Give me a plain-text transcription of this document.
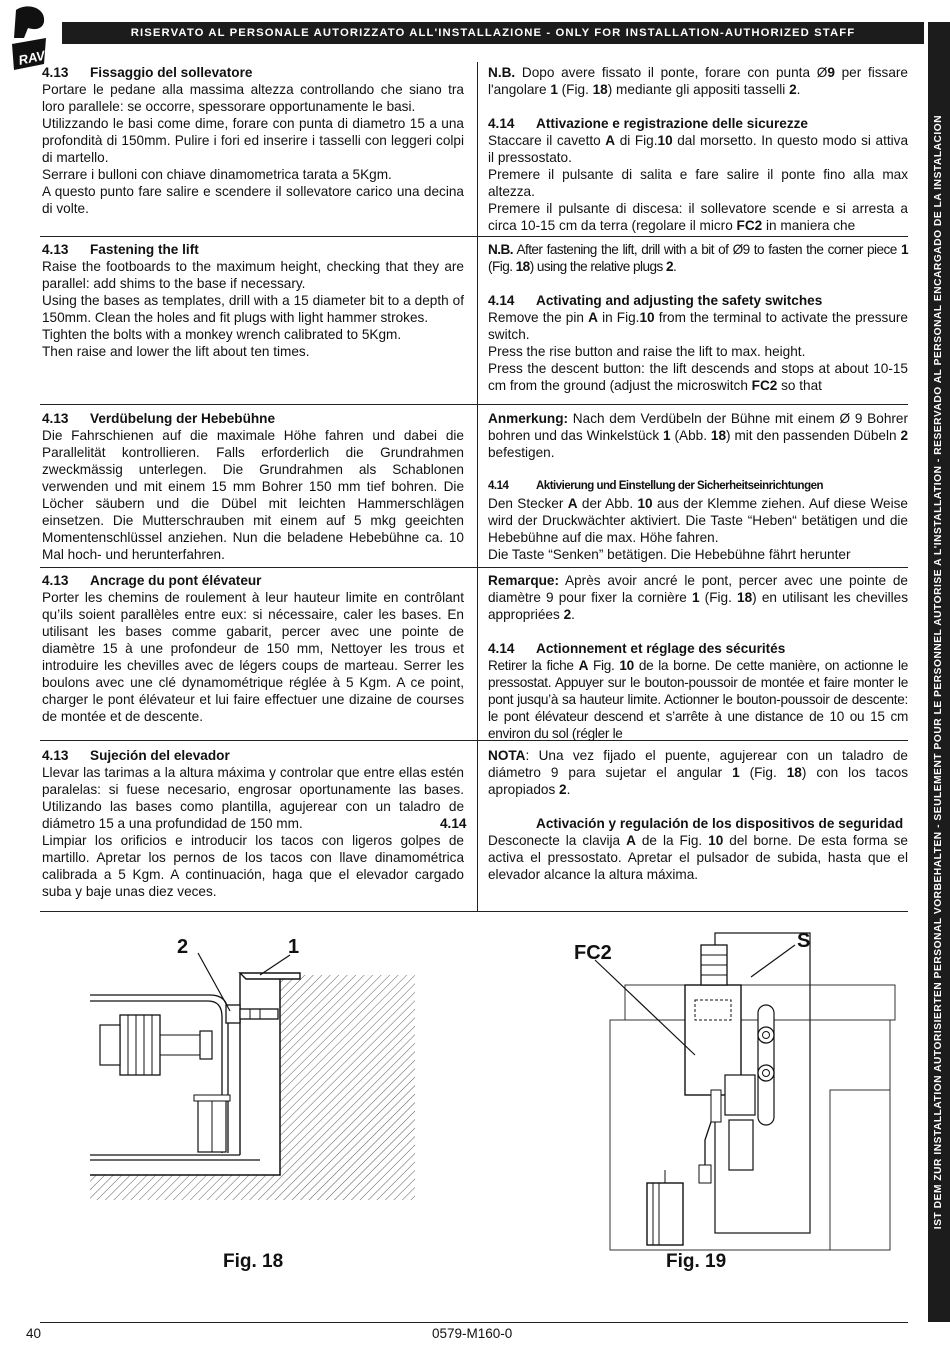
RAV
RISERVATO AL PERSONALE AUTORIZZATO ALL'INSTALLAZIONE - ONLY FOR INSTALLATION-AUTHORIZED STAFF
IST DEM ZUR INSTALLATION AUTORISIERTEN PERSONAL VORBEHALTEN - SEULEMENT POUR LE PERSONNEL AUTORISE A L'INSTALLATION - RESERVADO AL PERSONAL ENCARGADO DE LA INSTALACION

4.13 Fissaggio del sollevatore

Portare le pedane alla massima altezza controllando che siano tra loro parallele: se occorre, spessorare opportunamente le basi.

Utilizzando le basi come dime, forare con punta di diametro 15 a una profondità di 150mm. Pulire i fori ed inserire i tasselli con leggeri colpi di martello.

Serrare i bulloni con chiave dinamometrica tarata a 5Kgm.

A questo punto fare salire e scendere il sollevatore carico una decina di volte.

N.B. Dopo avere fissato il ponte, forare con punta Ø9 per fissare l'angolare 1 (Fig. 18) mediante gli appositi tasselli 2.

4.14 Attivazione e registrazione delle sicurezze

Staccare il cavetto A di Fig.10 dal morsetto. In questo modo si attiva il pressostato.

Premere il pulsante di salita e fare salire il ponte fino alla max altezza.

Premere il pulsante di discesa: il sollevatore scende e si arresta a circa 10-15 cm da terra (regolare il micro FC2 in maniera che

4.13 Fastening the lift

Raise the footboards to the maximum height, checking that they are parallel: add shims to the base if necessary.

Using the bases as templates, drill with a 15 diameter bit to a depth of 150mm. Clean the holes and fit plugs with light hammer strokes.

Tighten the bolts with a monkey wrench calibrated to 5Kgm.

Then raise and lower the lift about ten times.

N.B. After fastening the lift, drill with a bit of Ø9 to fasten the corner piece 1 (Fig. 18) using the relative plugs 2.

4.14 Activating and adjusting the safety switches

Remove the pin A in Fig.10 from the terminal to activate the pressure switch.

Press the rise button and raise the lift to max. height.

Press the descent button: the lift descends and stops at about 10-15 cm from the ground (adjust the microswitch FC2 so that

4.13 Verdübelung der Hebebühne

Die Fahrschienen auf die maximale Höhe fahren und dabei die Parallelität kontrollieren. Falls erforderlich die Grundrahmen zweckmässig unterlegen. Die Grundrahmen als Schablonen verwenden und mit einem 15 mm Bohrer 150 mm tief bohren. Die Löcher säubern und die Dübel mit leichten Hammerschlägen einsetzen. Die Mutterschrauben mit einem auf 5 mkg geeichten Momentenschlüssel anziehen. Nun die beladene Hebebühne ca. 10 Mal hoch- und herunterfahren.

Anmerkung: Nach dem Verdübeln der Bühne mit einem Ø 9 Bohrer bohren und das Winkelstück 1 (Abb. 18) mit den passenden Dübeln 2 befestigen.

4.14 Aktivierung und Einstellung der Sicherheitseinrichtungen

Den Stecker A der Abb. 10 aus der Klemme ziehen. Auf diese Weise wird der Druckwächter aktiviert. Die Taste “Heben“ betätigen und die Hebebühne auf die max. Höhe fahren.

Die Taste “Senken” betätigen. Die Hebebühne fährt herunter

4.13 Ancrage du pont élévateur

Porter les chemins de roulement à leur hauteur limite en contrôlant qu’ils soient parallèles entre eux: si nécessaire, caler les bases. En utilisant les bases comme gabarit, percer avec une pointe de diamètre 15 à une profondeur de 150 mm, Nettoyer les trous et introduire les chevilles avec de légers coups de marteau. Serrer les boulons avec une clé dynamométrique réglée à 5 Kgm. A ce point, charger le pont élévateur et lui faire effectuer une dizaine de courses de montée et de descente.

Remarque: Après avoir ancré le pont, percer avec une pointe de diamètre 9 pour fixer la cornière 1 (Fig. 18) en utilisant les chevilles appropriées 2.

4.14 Actionnement et réglage des sécurités

Retirer la fiche A Fig. 10 de la borne. De cette manière, on actionne le pressostat. Appuyer sur le bouton-poussoir de montée et faire monter le pont jusqu’à sa hauteur limite. Actionner le bouton-poussoir de descente: le pont élévateur descend et s’arrête à une distance de 10 ou 15 cm environ du sol (régler le

4.13 Sujeción del elevador

Llevar las tarimas a la altura máxima y controlar que entre ellas estén paralelas: si fuese necesario, engrosar oportunamente las bases. Utilizando las bases como plantilla, agujerear con un taladro de diámetro 15 a una profundidad de 150 mm.

Limpiar los orificios e introducir los tacos con ligeros golpes de martillo. Apretar los pernos de los tacos con llave dinamométrica calibrada a 5 Kgm. A continuación, haga que el elevador cargado suba y baje unas diez veces.

NOTA: Una vez fijado el puente, agujerear con un taladro de diámetro 9 para sujetar el angular 1 (Fig. 18) con los tacos apropiados 2.

4.14	Activación y regulación de los dispositivos de seguridad

Desconecte la clavija A de la Fig. 10 del borne. De esta forma se activa el pressostato. Apretar el pulsador de subida, hasta que el elevador alcance la altura máxima.

2	1
Fig. 18
FC2
S
Fig. 19
40	0579-M160-0
